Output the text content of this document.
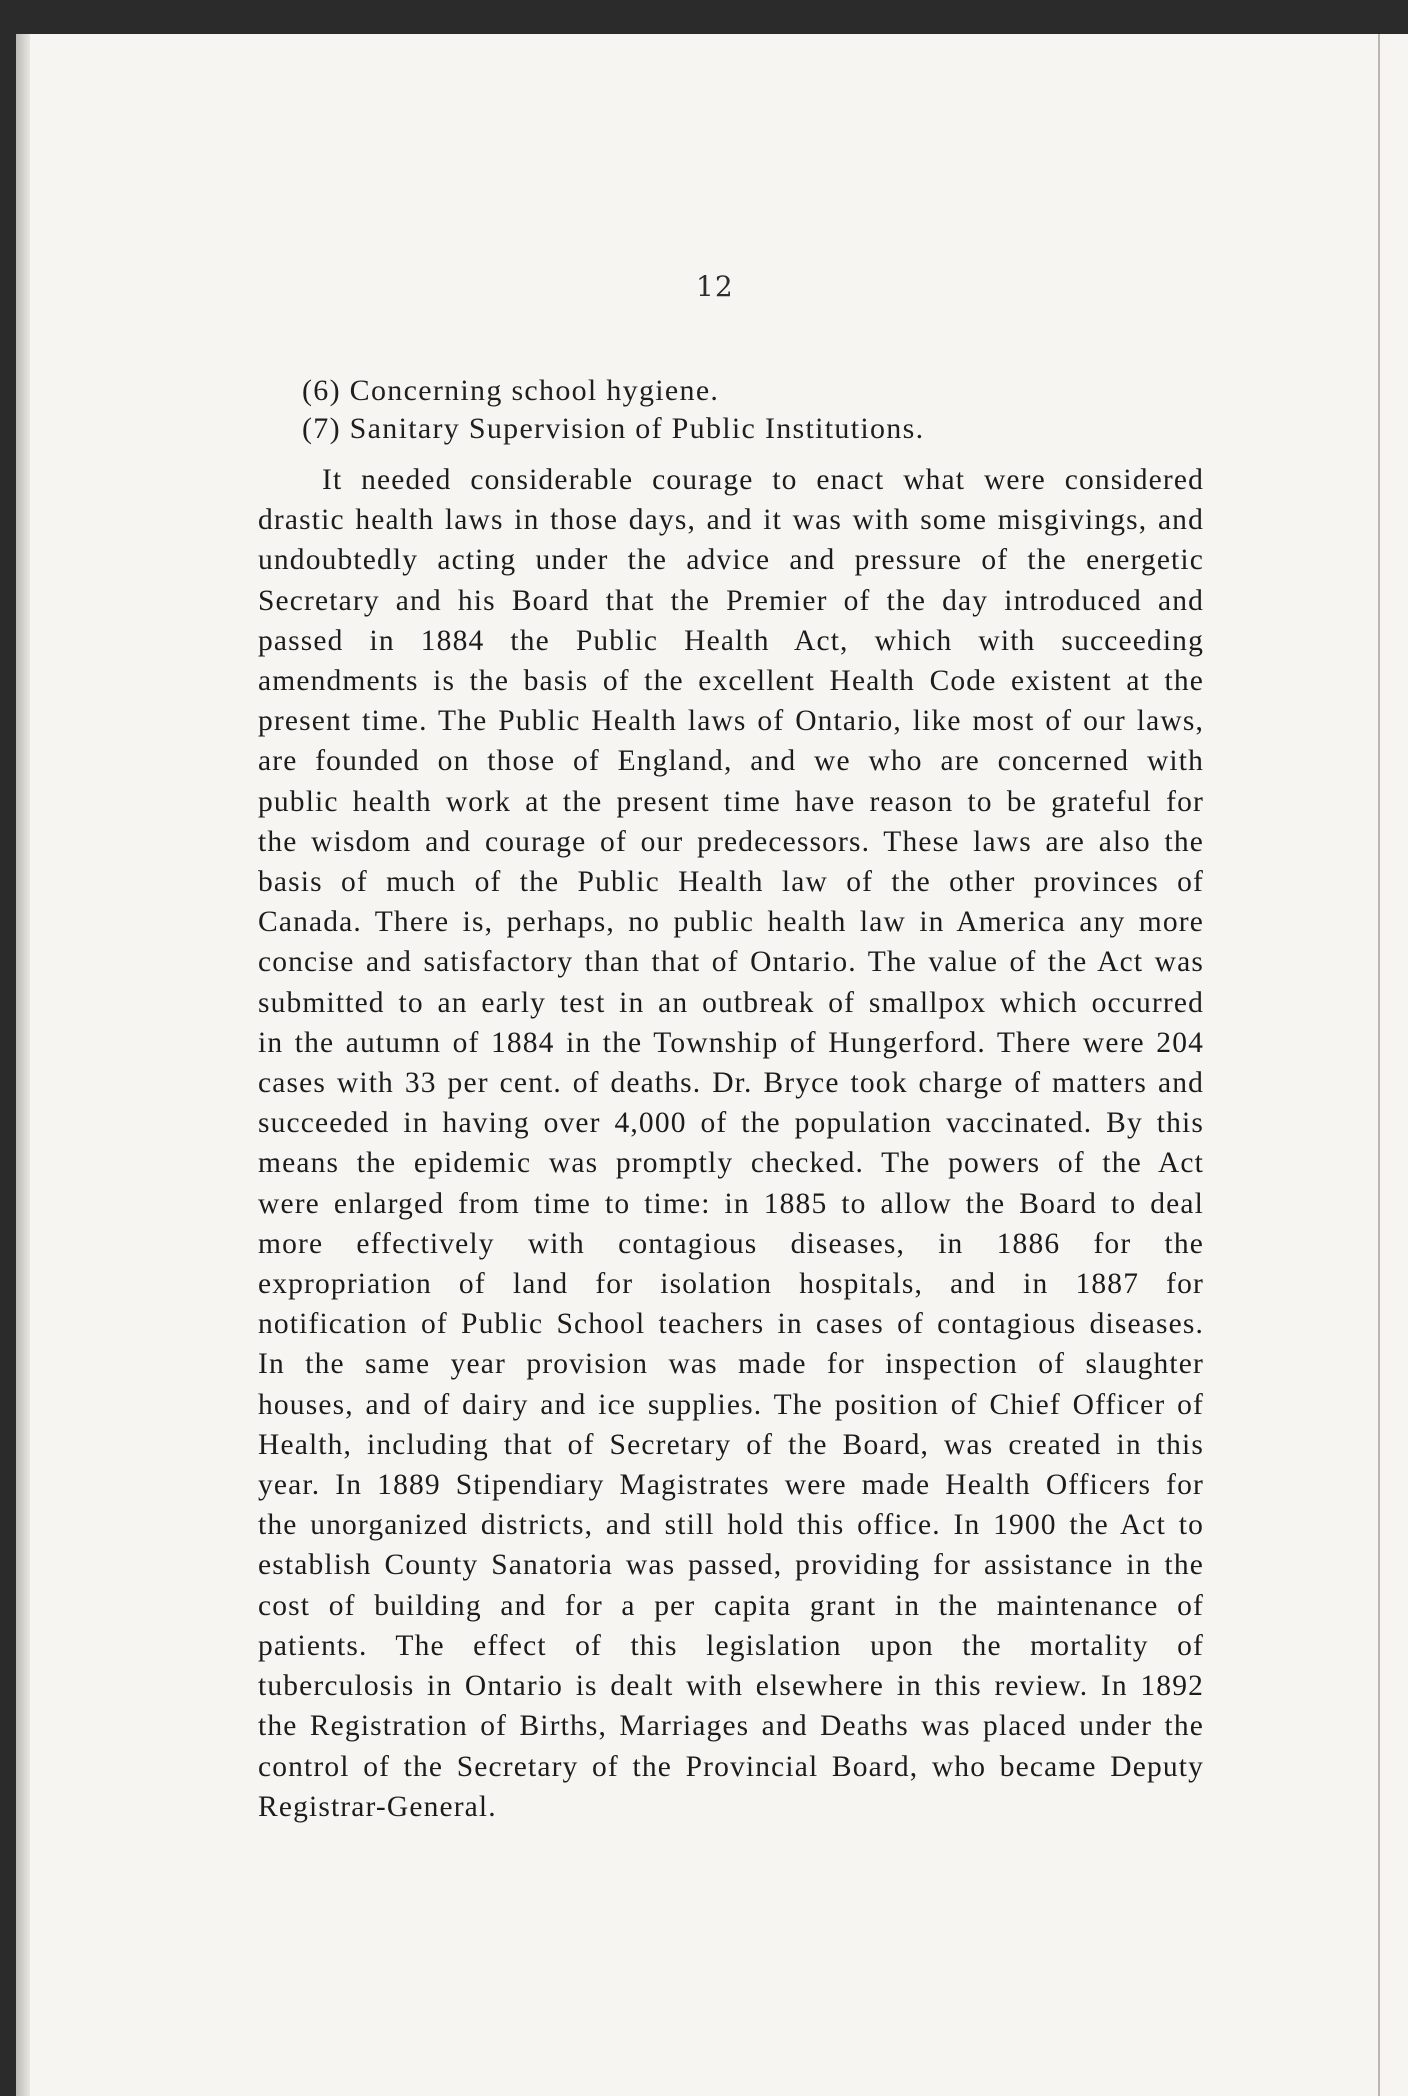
12
(6) Concerning school hygiene.
(7) Sanitary Supervision of Public Institutions.

It needed considerable courage to enact what were considered drastic health laws in those days, and it was with some misgivings, and undoubtedly acting under the advice and pressure of the energetic Secretary and his Board that the Premier of the day introduced and passed in 1884 the Public Health Act, which with succeeding amendments is the basis of the excellent Health Code existent at the present time. The Public Health laws of Ontario, like most of our laws, are founded on those of England, and we who are concerned with public health work at the present time have reason to be grateful for the wisdom and courage of our predecessors. These laws are also the basis of much of the Public Health law of the other provinces of Canada. There is, perhaps, no public health law in America any more concise and satisfactory than that of Ontario. The value of the Act was submitted to an early test in an outbreak of smallpox which occurred in the autumn of 1884 in the Township of Hungerford. There were 204 cases with 33 per cent. of deaths. Dr. Bryce took charge of matters and succeeded in having over 4,000 of the population vaccinated. By this means the epidemic was promptly checked. The powers of the Act were enlarged from time to time: in 1885 to allow the Board to deal more effectively with contagious diseases, in 1886 for the expropriation of land for isolation hospitals, and in 1887 for notification of Public School teachers in cases of contagious diseases. In the same year provision was made for inspection of slaughter houses, and of dairy and ice supplies. The position of Chief Officer of Health, including that of Secretary of the Board, was created in this year. In 1889 Stipendiary Magistrates were made Health Officers for the unorganized districts, and still hold this office. In 1900 the Act to establish County Sanatoria was passed, providing for assistance in the cost of building and for a per capita grant in the maintenance of patients. The effect of this legislation upon the mortality of tuberculosis in Ontario is dealt with elsewhere in this review. In 1892 the Registration of Births, Marriages and Deaths was placed under the control of the Secretary of the Provincial Board, who became Deputy Registrar-General.
